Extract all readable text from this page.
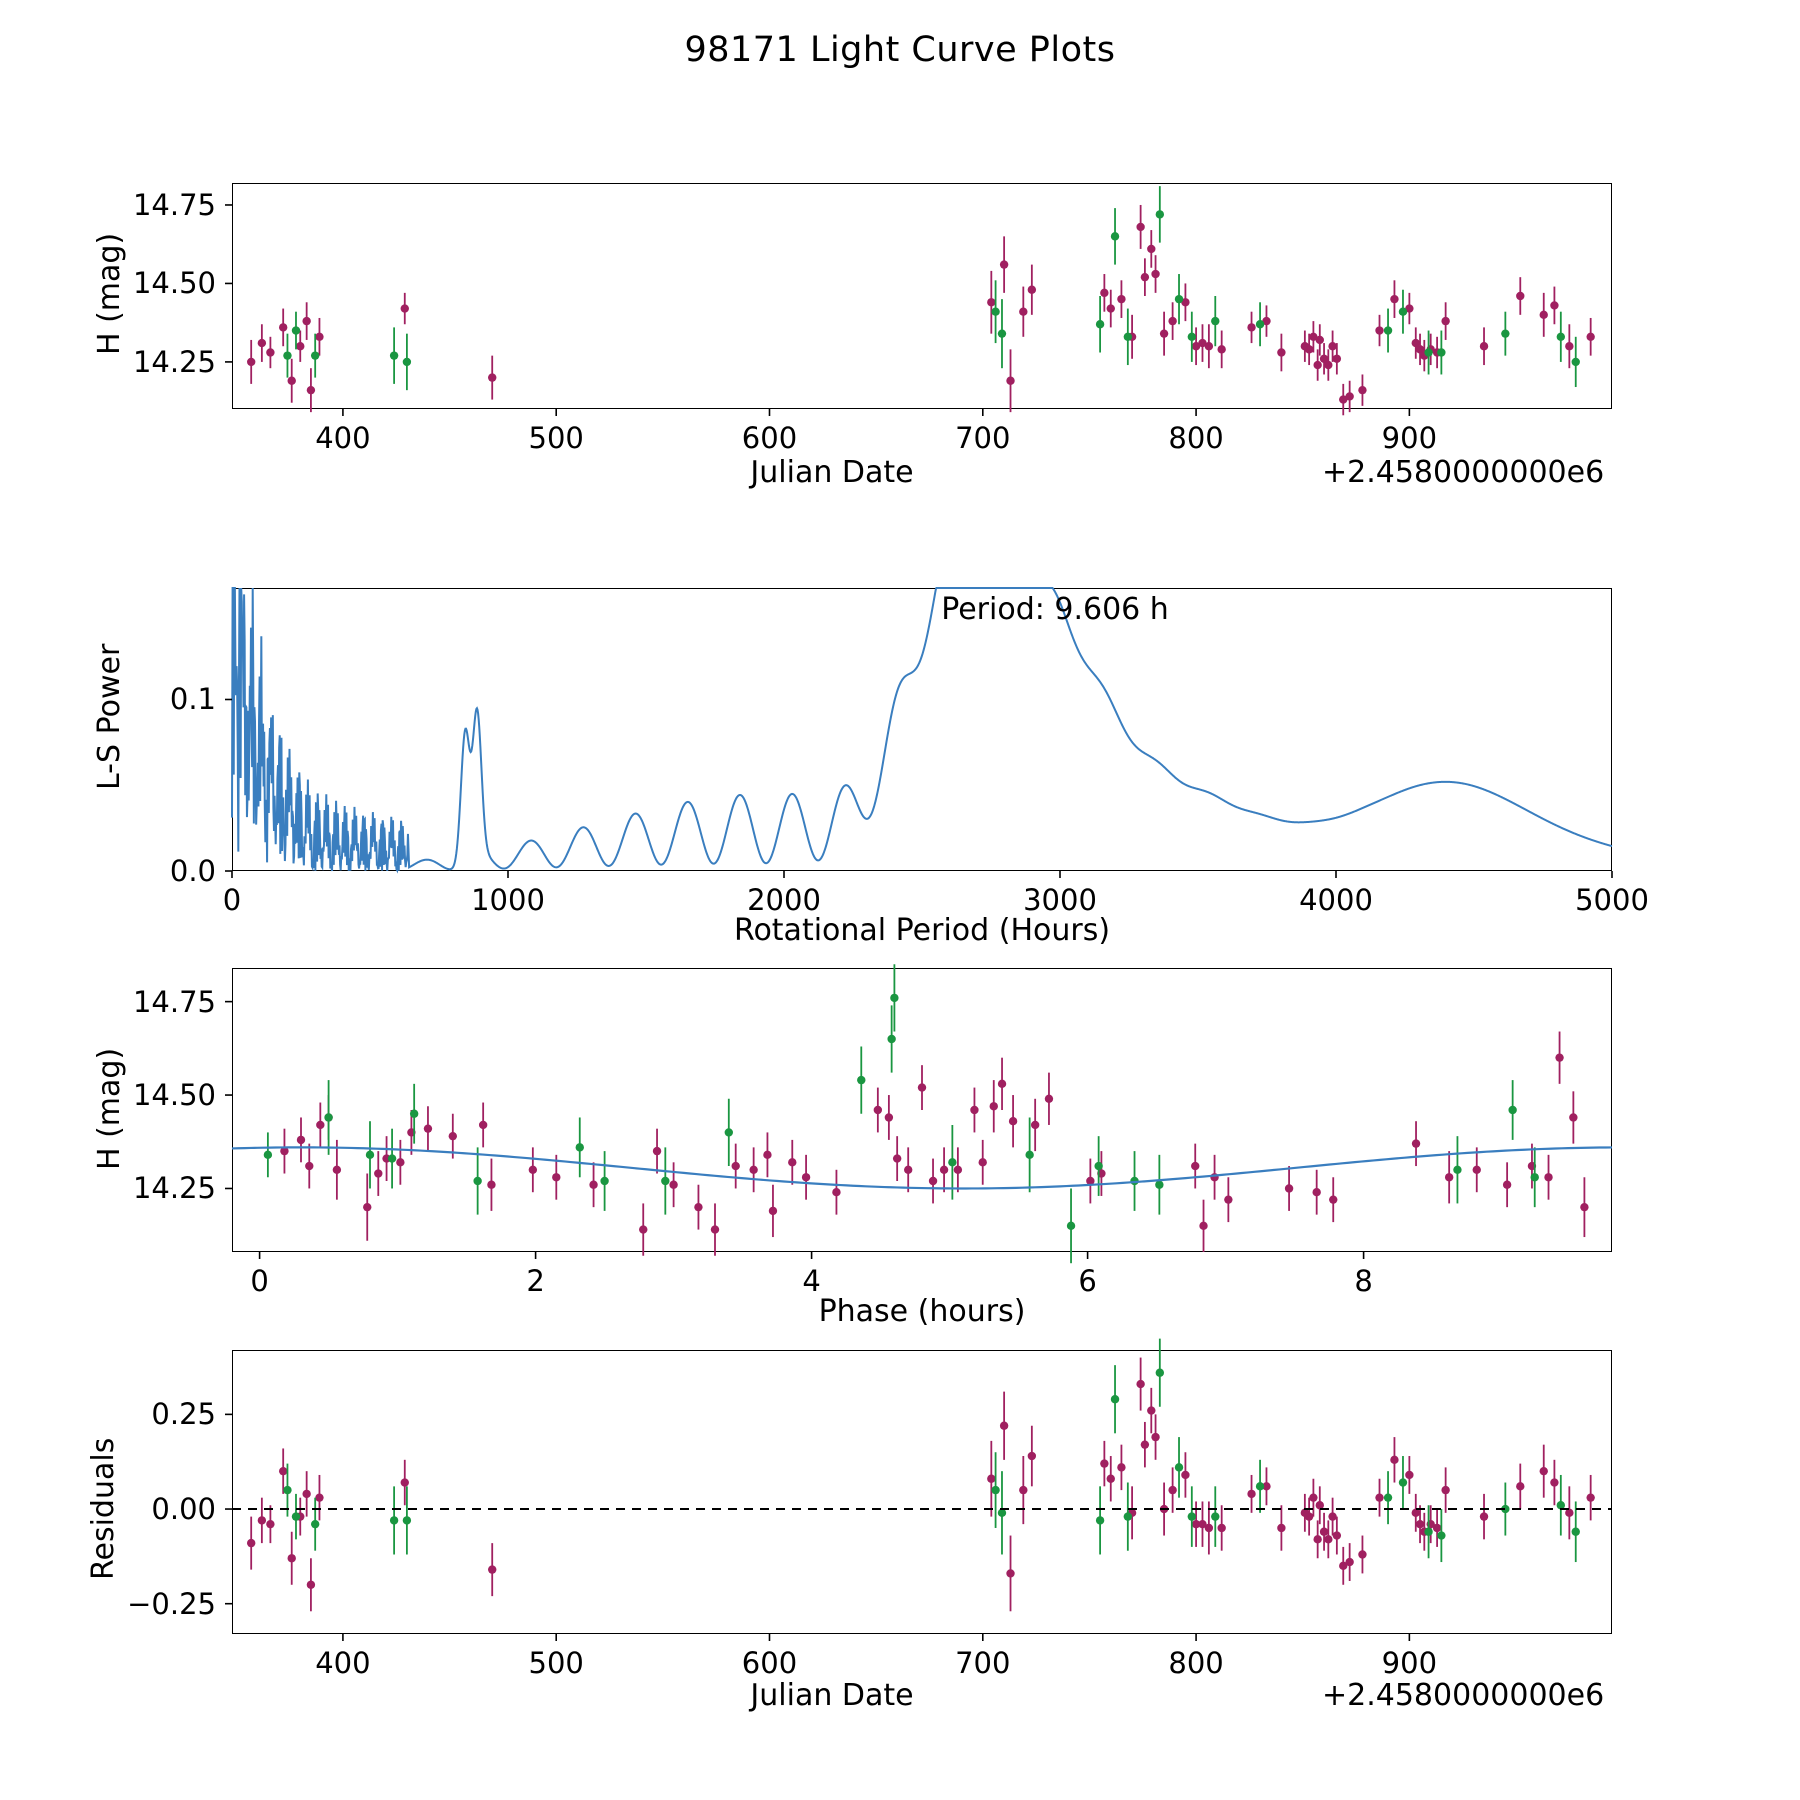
98171 Light Curve Plots
H (mag)
Julian Date	+2.4580000000e6
L-S Power
Period: 9.606 h
Rotational Period (Hours)
H (mag)
Phase (hours)
Residuals
Julian Date	+2.4580000000e6
400	500	600	700	800	900
14.25
14.50
14.75
0	1000	2000	3000	4000	5000
0.0
0.1
0	2	4	6	8
14.25
14.50
14.75
400	500	600	700	800	900
−0.25
0.00
0.25
